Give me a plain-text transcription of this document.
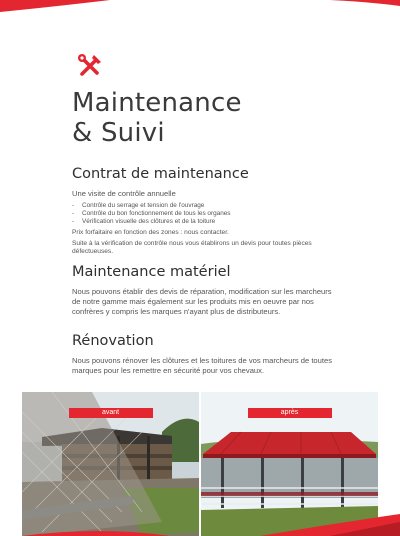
Maintenance
& Suivi
Contrat de maintenance

Une visite de contrôle annuelle

- Contrôle du serrage et tension de l'ouvrage
- Contrôle du bon fonctionnement de tous les organes
- Vérification visuelle des clôtures et de la toiture

Prix forfaitaire en fonction des zones : nous contacter.

Suite à la vérification de contrôle nous vous établirons un devis pour toutes pièces défectueuses.

Maintenance matériel

Nous pouvons établir des devis de réparation, modification sur les marcheurs de notre gamme mais également sur les produits mis en oeuvre par nos confrères y compris les marques n'ayant plus de distributeurs.

Rénovation

Nous pouvons rénover les clôtures et les toitures de vos marcheurs de toutes marques pour les remettre en sécurité pour vos chevaux.

avant	après
